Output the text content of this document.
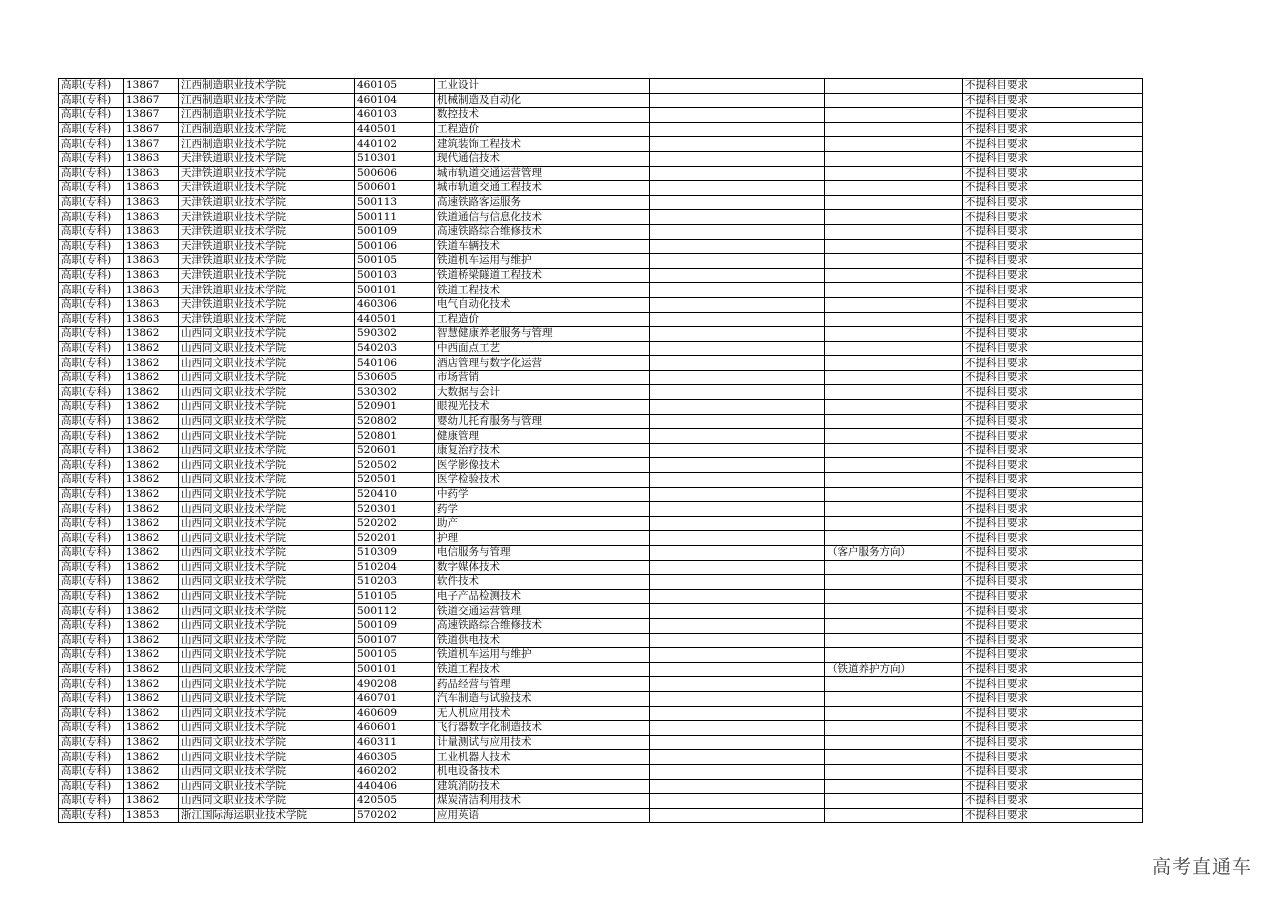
高职(专科)	13867	江西制造职业技术学院	460105	工业设计			不提科目要求
高职(专科)	13867	江西制造职业技术学院	460104	机械制造及自动化			不提科目要求
高职(专科)	13867	江西制造职业技术学院	460103	数控技术			不提科目要求
高职(专科)	13867	江西制造职业技术学院	440501	工程造价			不提科目要求
高职(专科)	13867	江西制造职业技术学院	440102	建筑装饰工程技术			不提科目要求
高职(专科)	13863	天津铁道职业技术学院	510301	现代通信技术			不提科目要求
高职(专科)	13863	天津铁道职业技术学院	500606	城市轨道交通运营管理			不提科目要求
高职(专科)	13863	天津铁道职业技术学院	500601	城市轨道交通工程技术			不提科目要求
高职(专科)	13863	天津铁道职业技术学院	500113	高速铁路客运服务			不提科目要求
高职(专科)	13863	天津铁道职业技术学院	500111	铁道通信与信息化技术			不提科目要求
高职(专科)	13863	天津铁道职业技术学院	500109	高速铁路综合维修技术			不提科目要求
高职(专科)	13863	天津铁道职业技术学院	500106	铁道车辆技术			不提科目要求
高职(专科)	13863	天津铁道职业技术学院	500105	铁道机车运用与维护			不提科目要求
高职(专科)	13863	天津铁道职业技术学院	500103	铁道桥梁隧道工程技术			不提科目要求
高职(专科)	13863	天津铁道职业技术学院	500101	铁道工程技术			不提科目要求
高职(专科)	13863	天津铁道职业技术学院	460306	电气自动化技术			不提科目要求
高职(专科)	13863	天津铁道职业技术学院	440501	工程造价			不提科目要求
高职(专科)	13862	山西同文职业技术学院	590302	智慧健康养老服务与管理			不提科目要求
高职(专科)	13862	山西同文职业技术学院	540203	中西面点工艺			不提科目要求
高职(专科)	13862	山西同文职业技术学院	540106	酒店管理与数字化运营			不提科目要求
高职(专科)	13862	山西同文职业技术学院	530605	市场营销			不提科目要求
高职(专科)	13862	山西同文职业技术学院	530302	大数据与会计			不提科目要求
高职(专科)	13862	山西同文职业技术学院	520901	眼视光技术			不提科目要求
高职(专科)	13862	山西同文职业技术学院	520802	婴幼儿托育服务与管理			不提科目要求
高职(专科)	13862	山西同文职业技术学院	520801	健康管理			不提科目要求
高职(专科)	13862	山西同文职业技术学院	520601	康复治疗技术			不提科目要求
高职(专科)	13862	山西同文职业技术学院	520502	医学影像技术			不提科目要求
高职(专科)	13862	山西同文职业技术学院	520501	医学检验技术			不提科目要求
高职(专科)	13862	山西同文职业技术学院	520410	中药学			不提科目要求
高职(专科)	13862	山西同文职业技术学院	520301	药学			不提科目要求
高职(专科)	13862	山西同文职业技术学院	520202	助产			不提科目要求
高职(专科)	13862	山西同文职业技术学院	520201	护理			不提科目要求
高职(专科)	13862	山西同文职业技术学院	510309	电信服务与管理		（客户服务方向）	不提科目要求
高职(专科)	13862	山西同文职业技术学院	510204	数字媒体技术			不提科目要求
高职(专科)	13862	山西同文职业技术学院	510203	软件技术			不提科目要求
高职(专科)	13862	山西同文职业技术学院	510105	电子产品检测技术			不提科目要求
高职(专科)	13862	山西同文职业技术学院	500112	铁道交通运营管理			不提科目要求
高职(专科)	13862	山西同文职业技术学院	500109	高速铁路综合维修技术			不提科目要求
高职(专科)	13862	山西同文职业技术学院	500107	铁道供电技术			不提科目要求
高职(专科)	13862	山西同文职业技术学院	500105	铁道机车运用与维护			不提科目要求
高职(专科)	13862	山西同文职业技术学院	500101	铁道工程技术		（铁道养护方向）	不提科目要求
高职(专科)	13862	山西同文职业技术学院	490208	药品经营与管理			不提科目要求
高职(专科)	13862	山西同文职业技术学院	460701	汽车制造与试验技术			不提科目要求
高职(专科)	13862	山西同文职业技术学院	460609	无人机应用技术			不提科目要求
高职(专科)	13862	山西同文职业技术学院	460601	飞行器数字化制造技术			不提科目要求
高职(专科)	13862	山西同文职业技术学院	460311	计量测试与应用技术			不提科目要求
高职(专科)	13862	山西同文职业技术学院	460305	工业机器人技术			不提科目要求
高职(专科)	13862	山西同文职业技术学院	460202	机电设备技术			不提科目要求
高职(专科)	13862	山西同文职业技术学院	440406	建筑消防技术			不提科目要求
高职(专科)	13862	山西同文职业技术学院	420505	煤炭清洁利用技术			不提科目要求
高职(专科)	13853	浙江国际海运职业技术学院	570202	应用英语			不提科目要求
高考直通车
